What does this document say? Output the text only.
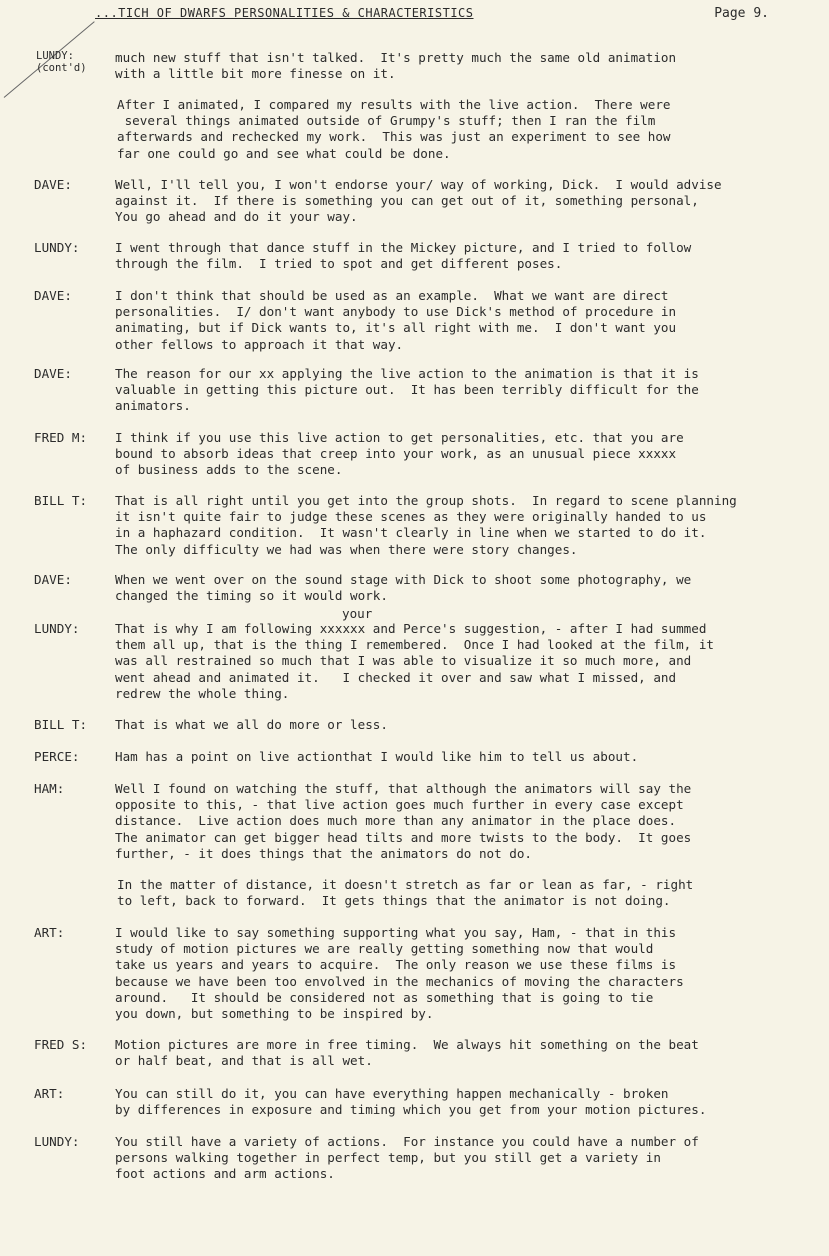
...TICH OF DWARFS PERSONALITIES & CHARACTERISTICS	Page 9.
LUNDY:
(cont'd)
much new stuff that isn't talked.  It's pretty much the same old animation
with a little bit more finesse on it.
After I animated, I compared my results with the live action.  There were
several things animated outside of Grumpy's stuff; then I ran the film
afterwards and rechecked my work.  This was just an experiment to see how
far one could go and see what could be done.
DAVE:	Well, I'll tell you, I won't endorse your/ way of working, Dick.  I would advise
against it.  If there is something you can get out of it, something personal,
You go ahead and do it your way.
LUNDY:	I went through that dance stuff in the Mickey picture, and I tried to follow
through the film.  I tried to spot and get different poses.
DAVE:	I don't think that should be used as an example.  What we want are direct
personalities.  I/ don't want anybody to use Dick's method of procedure in
animating, but if Dick wants to, it's all right with me.  I don't want you
other fellows to approach it that way.
DAVE:	The reason for our xx applying the live action to the animation is that it is
valuable in getting this picture out.  It has been terribly difficult for the
animators.
FRED M:	I think if you use this live action to get personalities, etc. that you are
bound to absorb ideas that creep into your work, as an unusual piece xxxxx
of business adds to the scene.
BILL T:	That is all right until you get into the group shots.  In regard to scene planning
it isn't quite fair to judge these scenes as they were originally handed to us
in a haphazard condition.  It wasn't clearly in line when we started to do it.
The only difficulty we had was when there were story changes.
DAVE:	When we went over on the sound stage with Dick to shoot some photography, we
changed the timing so it would work.
your
LUNDY:	That is why I am following xxxxxx and Perce's suggestion, - after I had summed
them all up, that is the thing I remembered.  Once I had looked at the film, it
was all restrained so much that I was able to visualize it so much more, and
went ahead and animated it.   I checked it over and saw what I missed, and
redrew the whole thing.
BILL T:	That is what we all do more or less.
PERCE:	Ham has a point on live actionthat I would like him to tell us about.
HAM:	Well I found on watching the stuff, that although the animators will say the
opposite to this, - that live action goes much further in every case except
distance.  Live action does much more than any animator in the place does.
The animator can get bigger head tilts and more twists to the body.  It goes
further, - it does things that the animators do not do.
In the matter of distance, it doesn't stretch as far or lean as far, - right
to left, back to forward.  It gets things that the animator is not doing.
ART:	I would like to say something supporting what you say, Ham, - that in this
study of motion pictures we are really getting something now that would
take us years and years to acquire.  The only reason we use these films is
because we have been too envolved in the mechanics of moving the characters
around.   It should be considered not as something that is going to tie
you down, but something to be inspired by.
FRED S:	Motion pictures are more in free timing.  We always hit something on the beat
or half beat, and that is all wet.
ART:	You can still do it, you can have everything happen mechanically - broken
by differences in exposure and timing which you get from your motion pictures.
LUNDY:	You still have a variety of actions.  For instance you could have a number of
persons walking together in perfect temp, but you still get a variety in
foot actions and arm actions.
